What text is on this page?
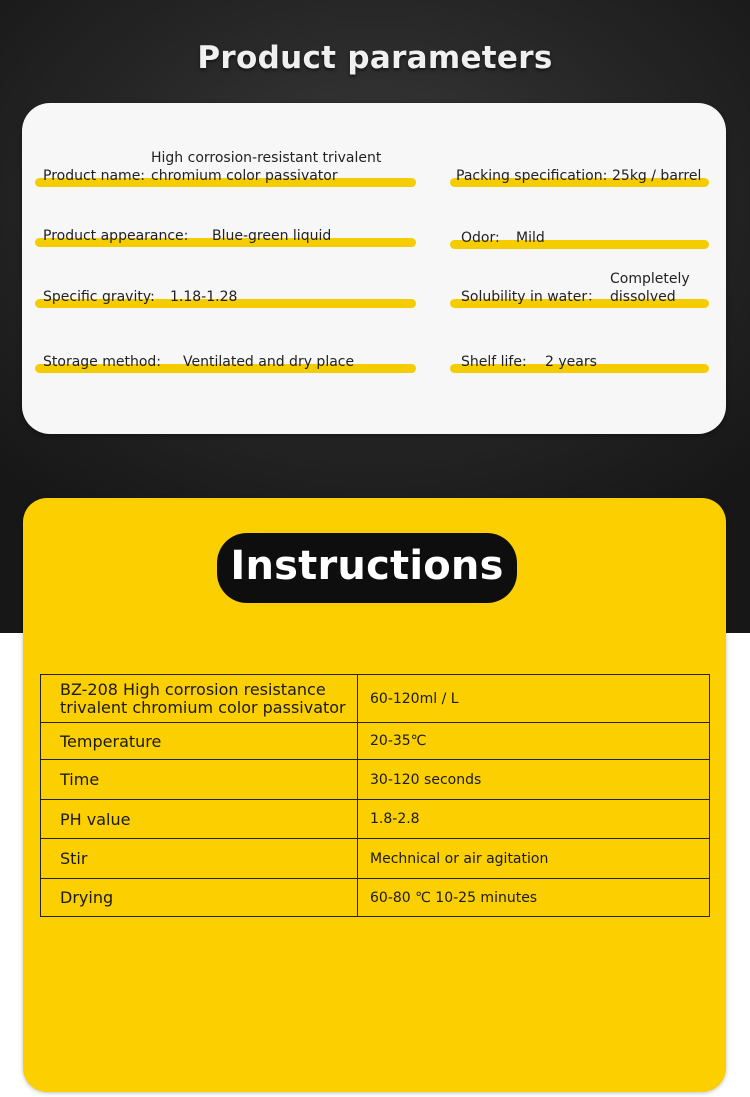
Product parameters
Product name:
High corrosion-resistant trivalent
chromium color passivator
Product appearance: Blue-green liquid
Specific gravity: 1.18-1.28
Storage method: Ventilated and dry place
Packing specification: 25kg / barrel
Odor: Mild
Solubility in water：
Completely
dissolved
Shelf life: 2 years
Instructions
BZ-208 High corrosion resistance
trivalent chromium color passivator	60-120ml / L
Temperature	20-35℃
Time	30-120 seconds
PH value	1.8-2.8
Stir	Mechnical or air agitation
Drying	60-80 ℃ 10-25 minutes
